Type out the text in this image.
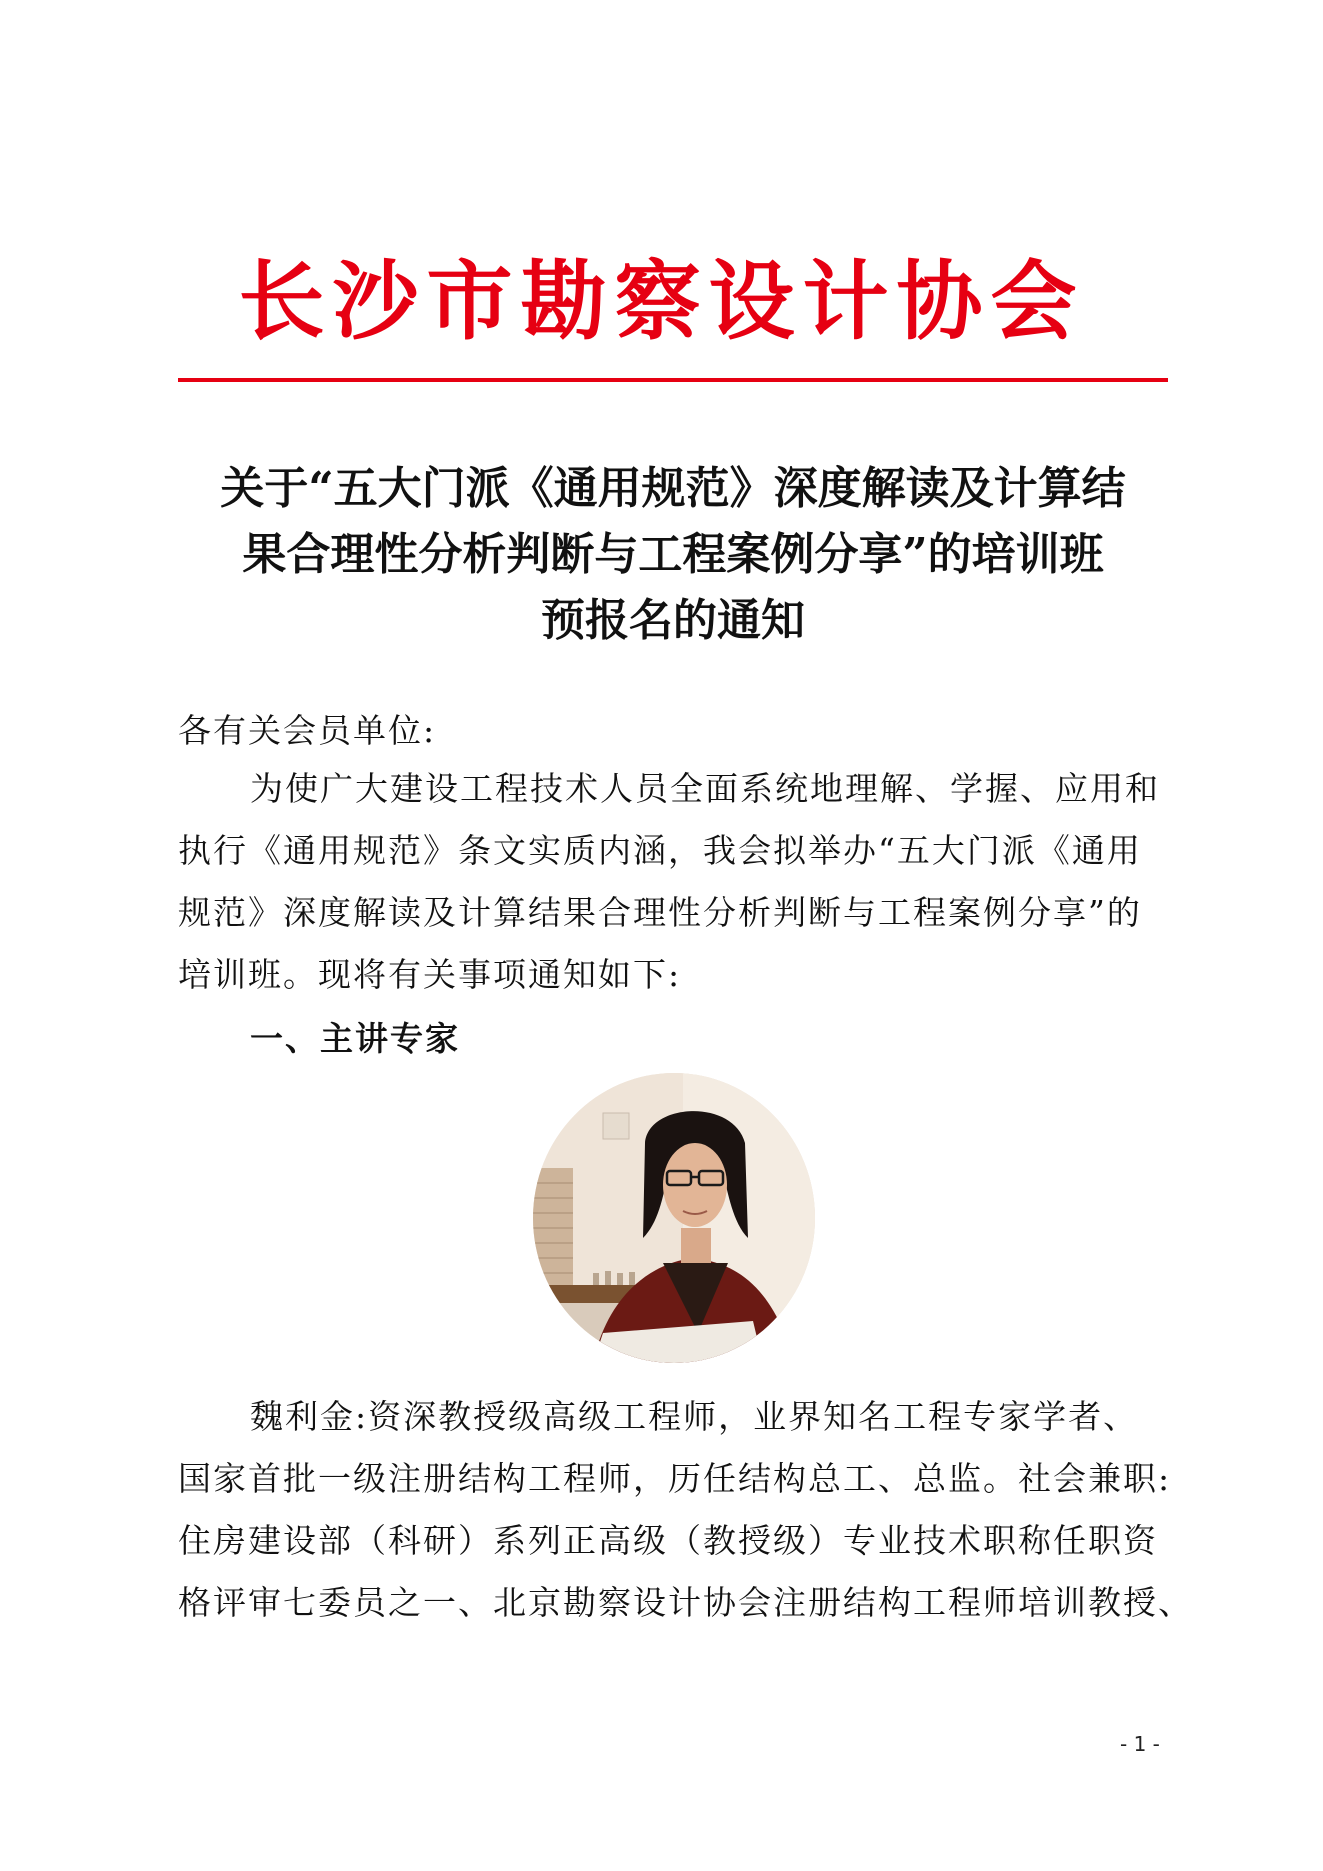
长沙市勘察设计协会
关于“五大门派《通用规范》深度解读及计算结
果合理性分析判断与工程案例分享”的培训班
预报名的通知
各有关会员单位:
为使广大建设工程技术人员全面系统地理解、学握、应用和
执行《通用规范》条文实质内涵，我会拟举办“五大门派《通用
规范》深度解读及计算结果合理性分析判断与工程案例分享”的
培训班。现将有关事项通知如下:
一、主讲专家
魏利金:资深教授级高级工程师，业界知名工程专家学者、
国家首批一级注册结构工程师，历任结构总工、总监。社会兼职:
住房建设部（科研）系列正高级（教授级）专业技术职称任职资
格评审七委员之一、北京勘察设计协会注册结构工程师培训教授、
- 1 -
